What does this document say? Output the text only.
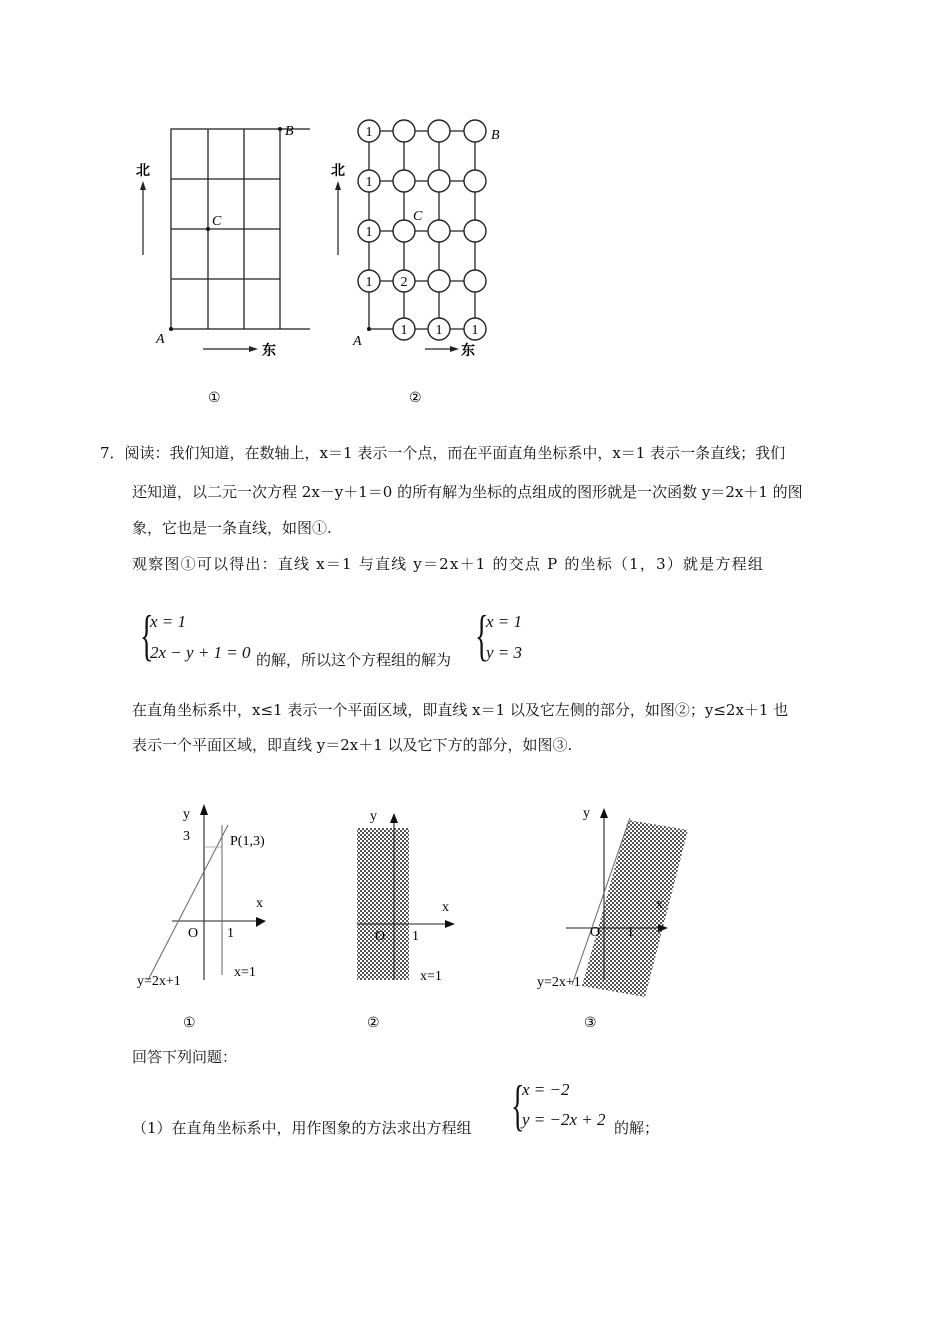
B
C
A
北
东
①
1
1
1
1 2
1 1 1
B
C
A
北
东
②
7．阅读：我们知道，在数轴上，x＝1 表示一个点，而在平面直角坐标系中，x＝1 表示一条直线；我们
还知道，以二元一次方程 2x－y＋1＝0 的所有解为坐标的点组成的图形就是一次函数 y＝2x＋1 的图
象，它也是一条直线，如图①.
观察图①可以得出：直线 x＝1 与直线 y＝2x＋1 的交点 P 的坐标（1，3）就是方程组
{
x = 1
2x − y + 1 = 0 的解，所以这个方程组的解为 {
x = 1
y = 3
在直角坐标系中，x≤1 表示一个平面区域，即直线 x＝1 以及它左侧的部分，如图②；y≤2x＋1 也
表示一个平面区域，即直线 y＝2x＋1 以及它下方的部分，如图③.
y
x
3	P(1,3)
O 1
y=2x+1
x=1
①
y
x
O 1
x=1
②
y
x
O 1
y=2x+1
③
回答下列问题：
{
x = −2
y = −2x + 2
（1）在直角坐标系中，用作图象的方法求出方程组	的解；
